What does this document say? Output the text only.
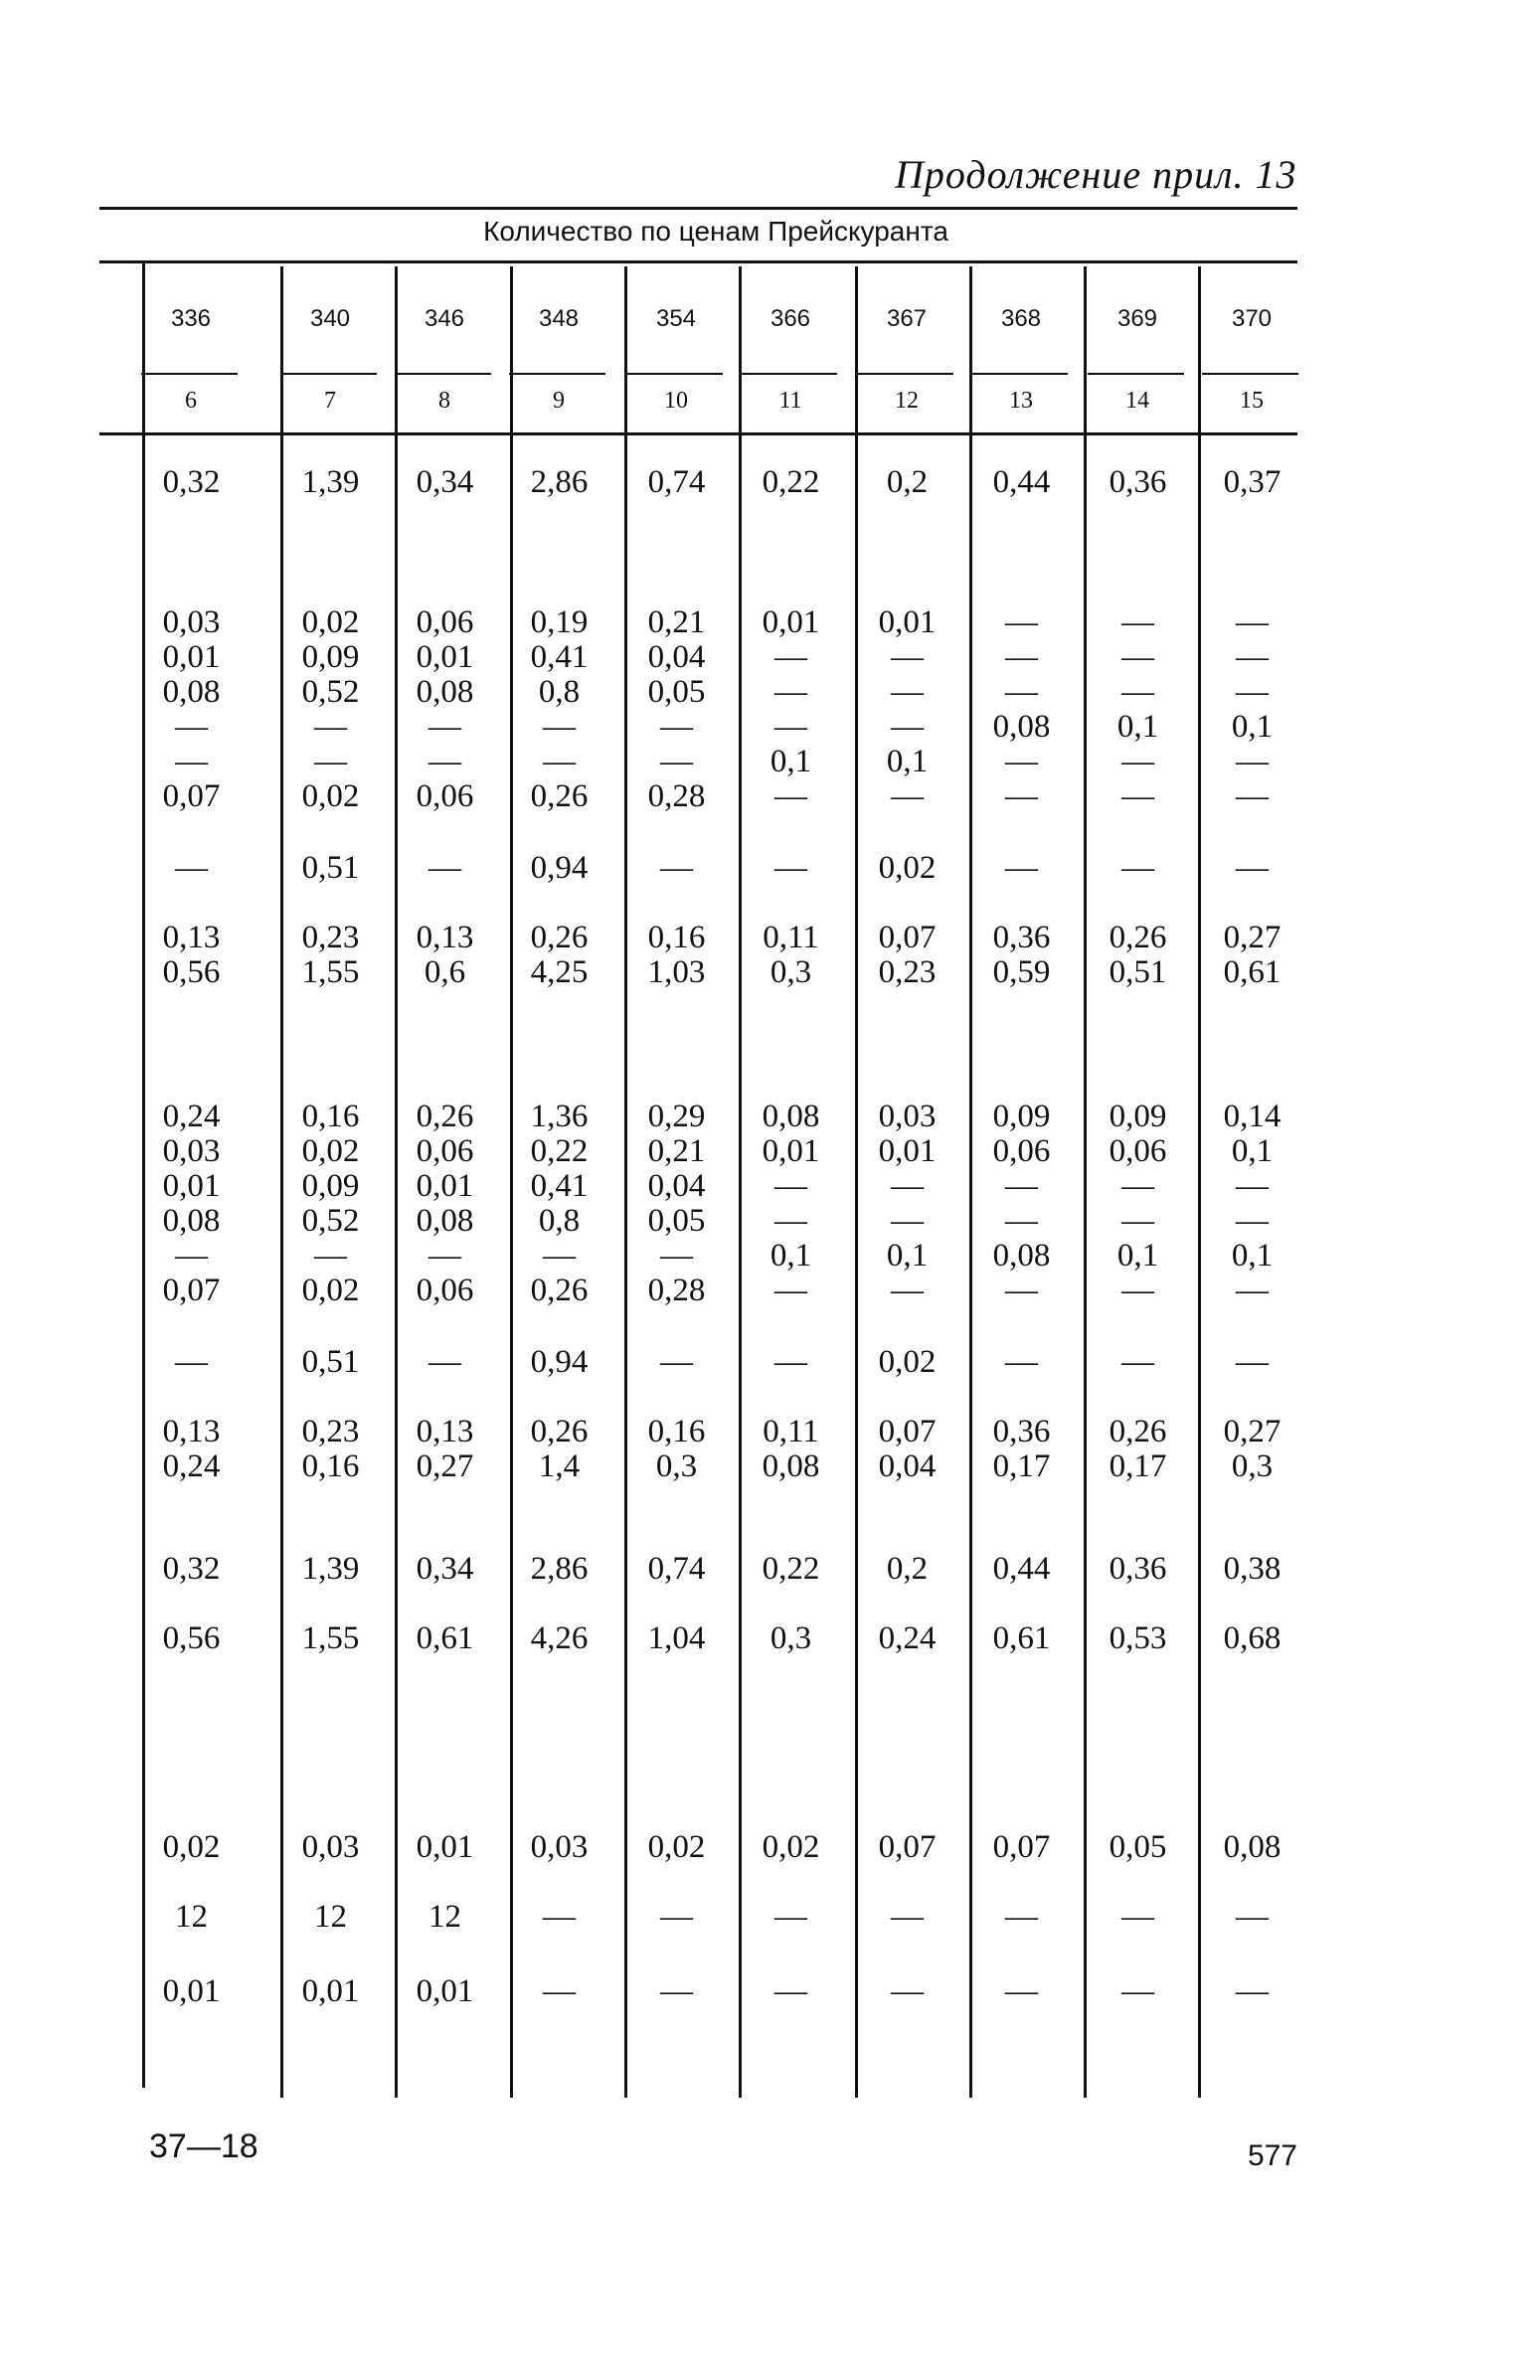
Продолжение прил. 13
Количество по ценам Прейскуранта
336	340	346	348	354	366	367	368	369	370
6	7	8	9	10	11	12	13	14	15
0,32	1,39	0,34	2,86	0,74	0,22	0,2	0,44	0,36	0,37
0,03	0,02	0,06	0,19	0,21	0,01	0,01	—	—	—
0,01	0,09	0,01	0,41	0,04	—	—	—	—	—
0,08	0,52	0,08	0,8	0,05	—	—	—	—	—
—	—	—	—	—	—	—	0,08	0,1	0,1
—	—	—	—	—	0,1	0,1	—	—	—
0,07	0,02	0,06	0,26	0,28	—	—	—	—	—
—	0,51	—	0,94	—	—	0,02	—	—	—
0,13	0,23	0,13	0,26	0,16	0,11	0,07	0,36	0,26	0,27
0,56	1,55	0,6	4,25	1,03	0,3	0,23	0,59	0,51	0,61
0,24	0,16	0,26	1,36	0,29	0,08	0,03	0,09	0,09	0,14
0,03	0,02	0,06	0,22	0,21	0,01	0,01	0,06	0,06	0,1
0,01	0,09	0,01	0,41	0,04	—	—	—	—	—
0,08	0,52	0,08	0,8	0,05	—	—	—	—	—
—	—	—	—	—	0,1	0,1	0,08	0,1	0,1
0,07	0,02	0,06	0,26	0,28	—	—	—	—	—
—	0,51	—	0,94	—	—	0,02	—	—	—
0,13	0,23	0,13	0,26	0,16	0,11	0,07	0,36	0,26	0,27
0,24	0,16	0,27	1,4	0,3	0,08	0,04	0,17	0,17	0,3
0,32	1,39	0,34	2,86	0,74	0,22	0,2	0,44	0,36	0,38
0,56	1,55	0,61	4,26	1,04	0,3	0,24	0,61	0,53	0,68
0,02	0,03	0,01	0,03	0,02	0,02	0,07	0,07	0,05	0,08
12	12	12	—	—	—	—	—	—	—
0,01	0,01	0,01	—	—	—	—	—	—	—
37—18	577
